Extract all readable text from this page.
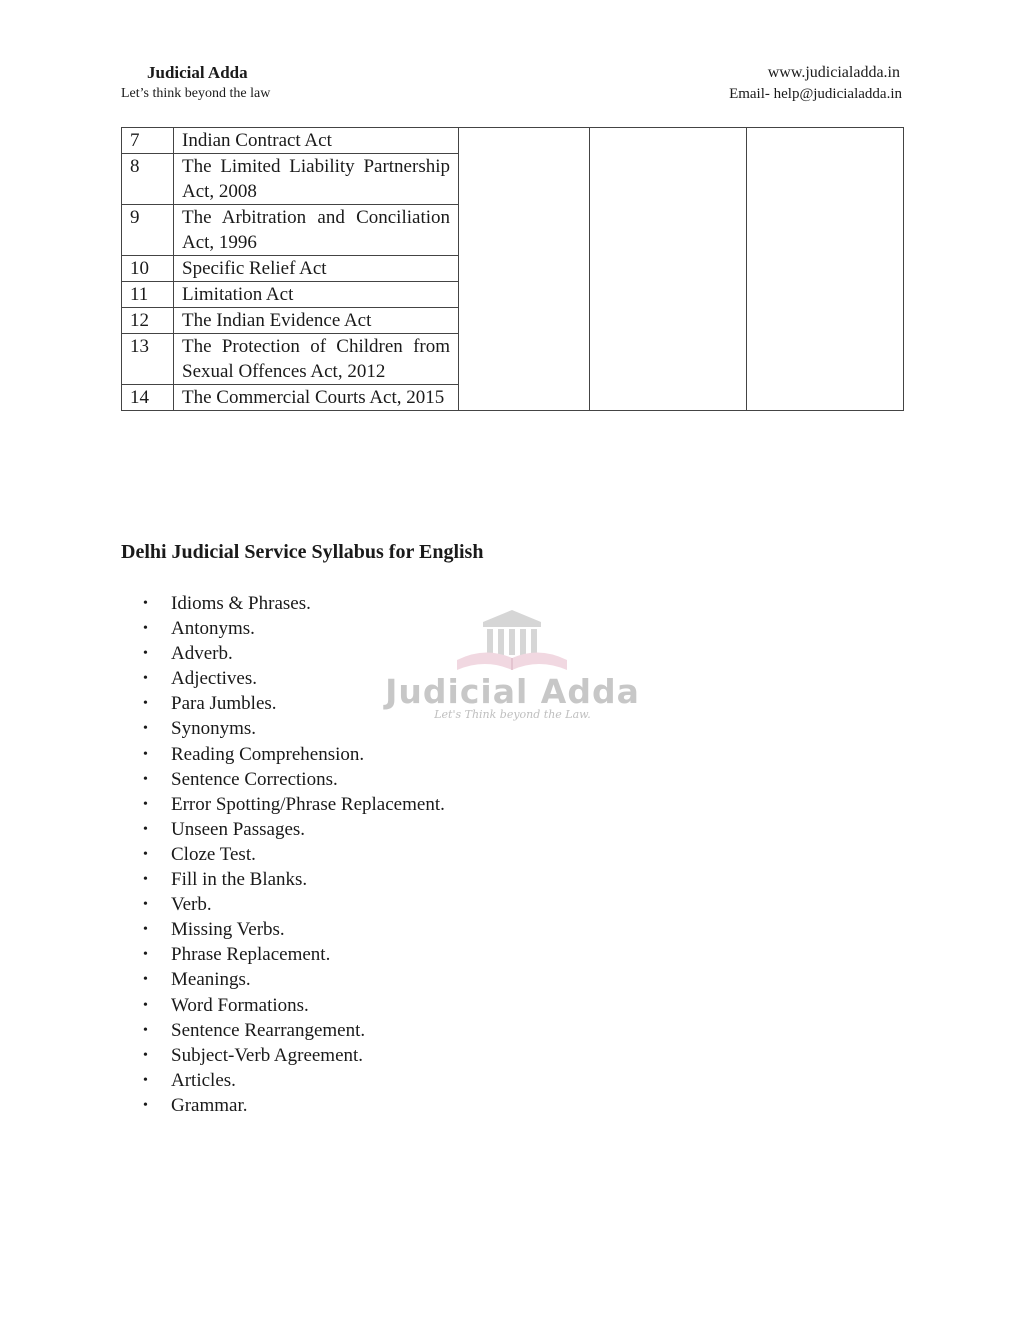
Judicial Adda
Let’s think beyond the law
www.judicialadda.in
Email- help@judicialadda.in
7	Indian Contract Act			
8	The Limited Liability Partnership Act, 2008			
9	The Arbitration and Conciliation Act, 1996			
10	Specific Relief Act			
11	Limitation Act			
12	The Indian Evidence Act			
13	The Protection of Children from Sexual Offences Act, 2012			
14	The Commercial Courts Act, 2015			
Judicial Adda
Let's Think beyond the Law.
Delhi Judicial Service Syllabus for English
• Idioms & Phrases.
• Antonyms.
• Adverb.
• Adjectives.
• Para Jumbles.
• Synonyms.
• Reading Comprehension.
• Sentence Corrections.
• Error Spotting/Phrase Replacement.
• Unseen Passages.
• Cloze Test.
• Fill in the Blanks.
• Verb.
• Missing Verbs.
• Phrase Replacement.
• Meanings.
• Word Formations.
• Sentence Rearrangement.
• Subject-Verb Agreement.
• Articles.
• Grammar.
